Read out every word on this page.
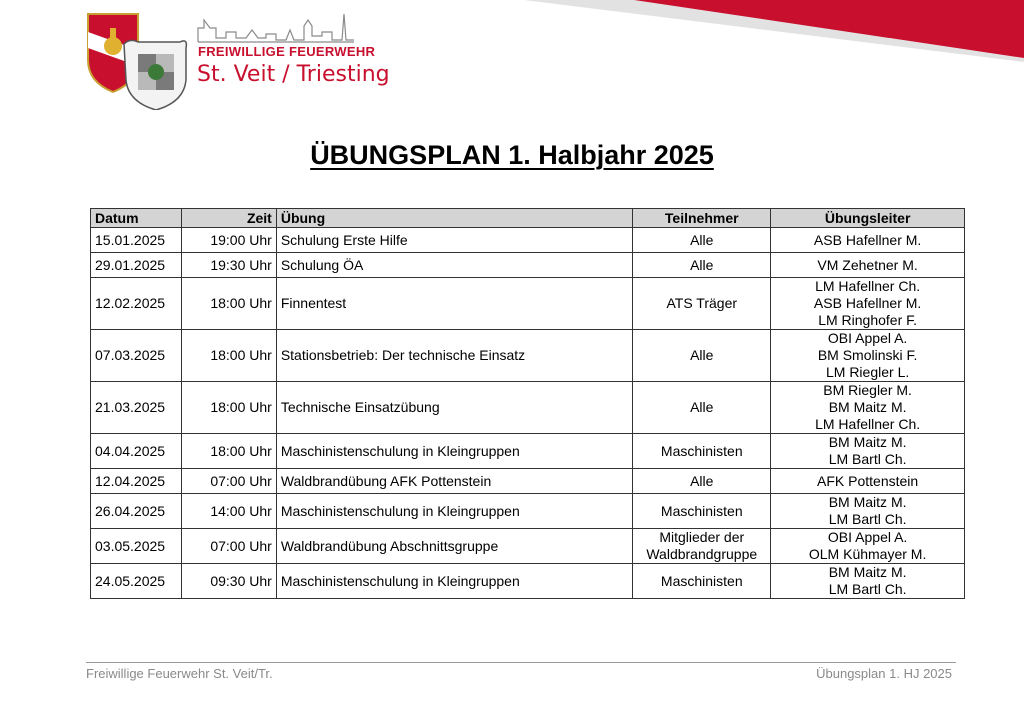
FREIWILLIGE FEUERWEHR
St. Veit / Triesting
ÜBUNGSPLAN 1. Halbjahr 2025
Datum	Zeit	Übung	Teilnehmer	Übungsleiter
15.01.2025	19:00 Uhr	Schulung Erste Hilfe	Alle	ASB Hafellner M.

29.01.2025	19:30 Uhr	Schulung ÖA	Alle	VM Zehetner M.

12.02.2025	18:00 Uhr	Finnentest	ATS Träger	LM Hafellner Ch.
ASB Hafellner M.
LM Ringhofer F.

07.03.2025	18:00 Uhr	Stationsbetrieb: Der technische Einsatz	Alle	OBI Appel A.
BM Smolinski F.
LM Riegler L.

21.03.2025	18:00 Uhr	Technische Einsatzübung	Alle	BM Riegler M.
BM Maitz M.
LM Hafellner Ch.

04.04.2025	18:00 Uhr	Maschinistenschulung in Kleingruppen	Maschinisten	BM Maitz M.
LM Bartl Ch.

12.04.2025	07:00 Uhr	Waldbrandübung AFK Pottenstein	Alle	AFK Pottenstein

26.04.2025	14:00 Uhr	Maschinistenschulung in Kleingruppen	Maschinisten	BM Maitz M.
LM Bartl Ch.

03.05.2025	07:00 Uhr	Waldbrandübung Abschnittsgruppe	Mitglieder der
Waldbrandgruppe	OBI Appel A.
OLM Kühmayer M.

24.05.2025	09:30 Uhr	Maschinistenschulung in Kleingruppen	Maschinisten	BM Maitz M.
LM Bartl Ch.
Freiwillige Feuerwehr St. Veit/Tr.	Übungsplan 1. HJ 2025
